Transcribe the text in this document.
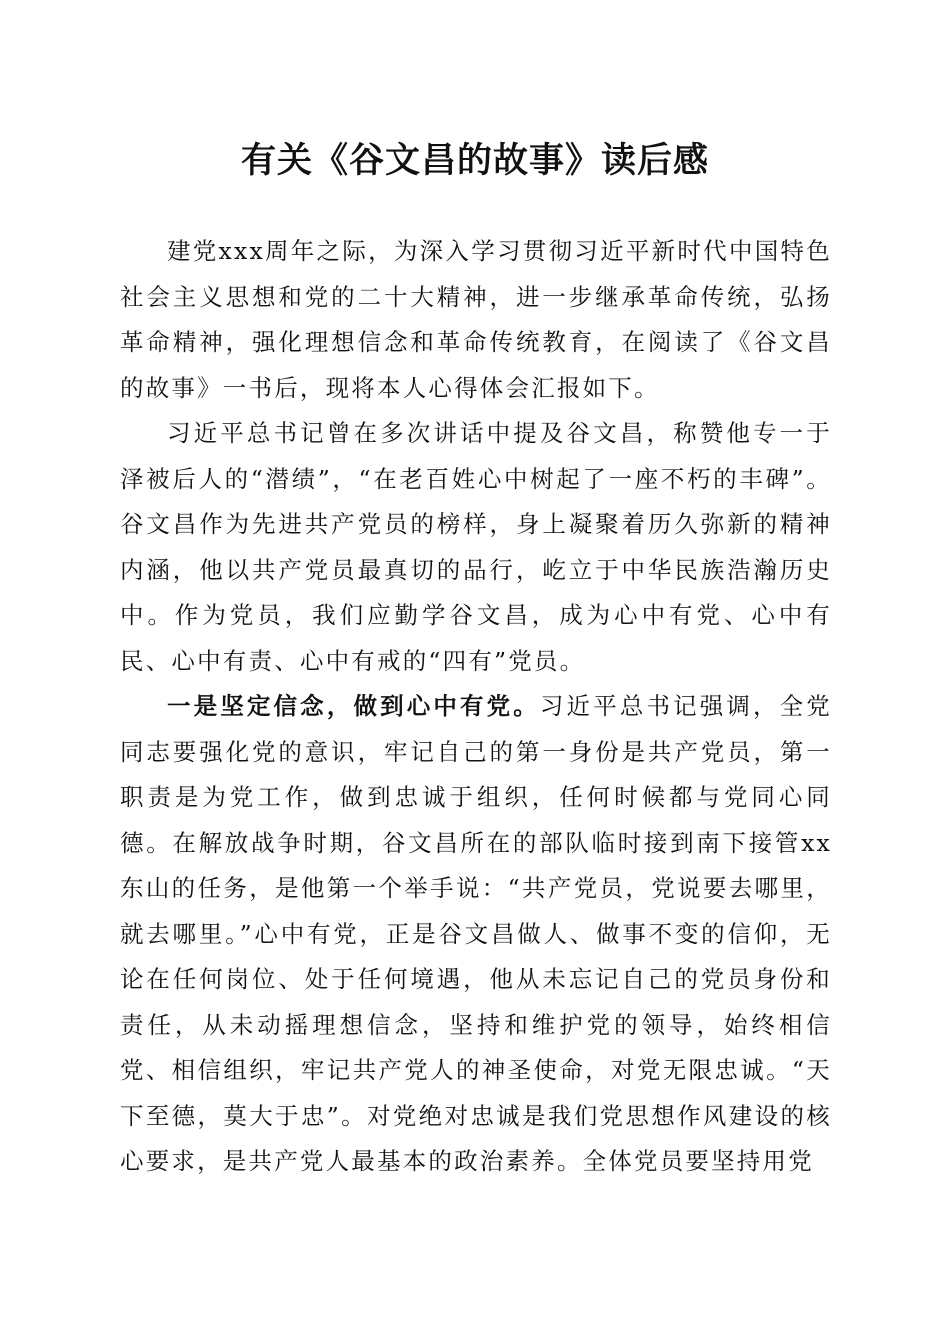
有关《谷文昌的故事》读后感

建党xxx周年之际，为深入学习贯彻习近平新时代中国特色社会主义思想和党的二十大精神，进一步继承革命传统，弘扬革命精神，强化理想信念和革命传统教育，在阅读了《谷文昌的故事》一书后，现将本人心得体会汇报如下。

习近平总书记曾在多次讲话中提及谷文昌，称赞他专一于泽被后人的“潜绩”，“在老百姓心中树起了一座不朽的丰碑”。谷文昌作为先进共产党员的榜样，身上凝聚着历久弥新的精神内涵，他以共产党员最真切的品行，屹立于中华民族浩瀚历史中。作为党员，我们应勤学谷文昌，成为心中有党、心中有民、心中有责、心中有戒的“四有”党员。

一是坚定信念，做到心中有党。习近平总书记强调，全党同志要强化党的意识，牢记自己的第一身份是共产党员，第一职责是为党工作，做到忠诚于组织，任何时候都与党同心同德。在解放战争时期，谷文昌所在的部队临时接到南下接管xx东山的任务，是他第一个举手说：“共产党员，党说要去哪里，就去哪里。”心中有党，正是谷文昌做人、做事不变的信仰，无论在任何岗位、处于任何境遇，他从未忘记自己的党员身份和责任，从未动摇理想信念，坚持和维护党的领导，始终相信党、相信组织，牢记共产党人的神圣使命，对党无限忠诚。“天下至德，莫大于忠”。对党绝对忠诚是我们党思想作风建设的核心要求，是共产党人最基本的政治素养。全体党员要坚持用党
